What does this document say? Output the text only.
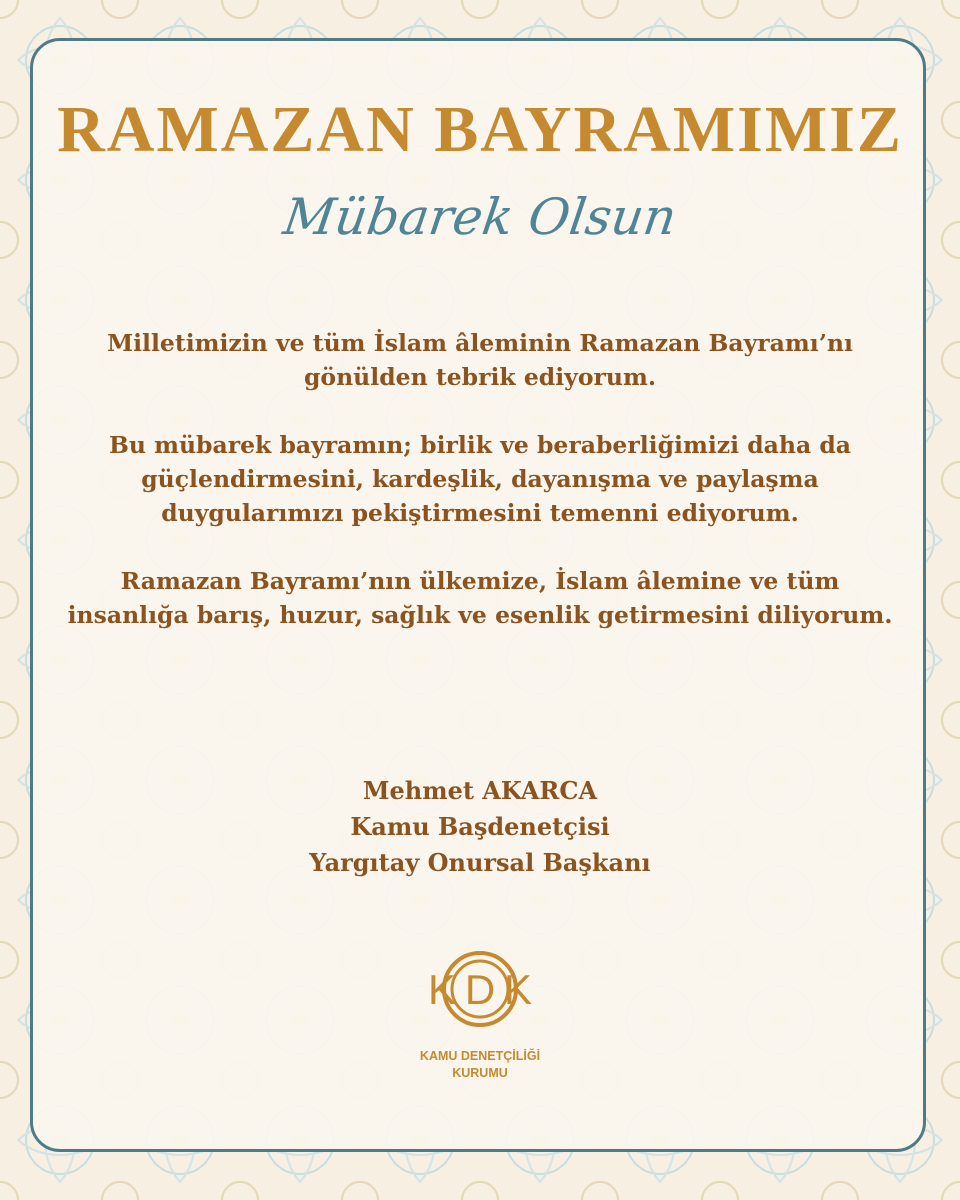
RAMAZAN BAYRAMIMIZ
Mübarek Olsun

Milletimizin ve tüm İslam âleminin Ramazan Bayramı’nı gönülden tebrik ediyorum.

Bu mübarek bayramın; birlik ve beraberliğimizi daha da güçlendirmesini, kardeşlik, dayanışma ve paylaşma duygularımızı pekiştirmesini temenni ediyorum.

Ramazan Bayramı’nın ülkemize, İslam âlemine ve tüm insanlığa barış, huzur, sağlık ve esenlik getirmesini diliyorum.

Mehmet AKARCA
Kamu Başdenetçisi
Yargıtay Onursal Başkanı
K D K
KAMU DENETÇİLİĞİ
KURUMU
